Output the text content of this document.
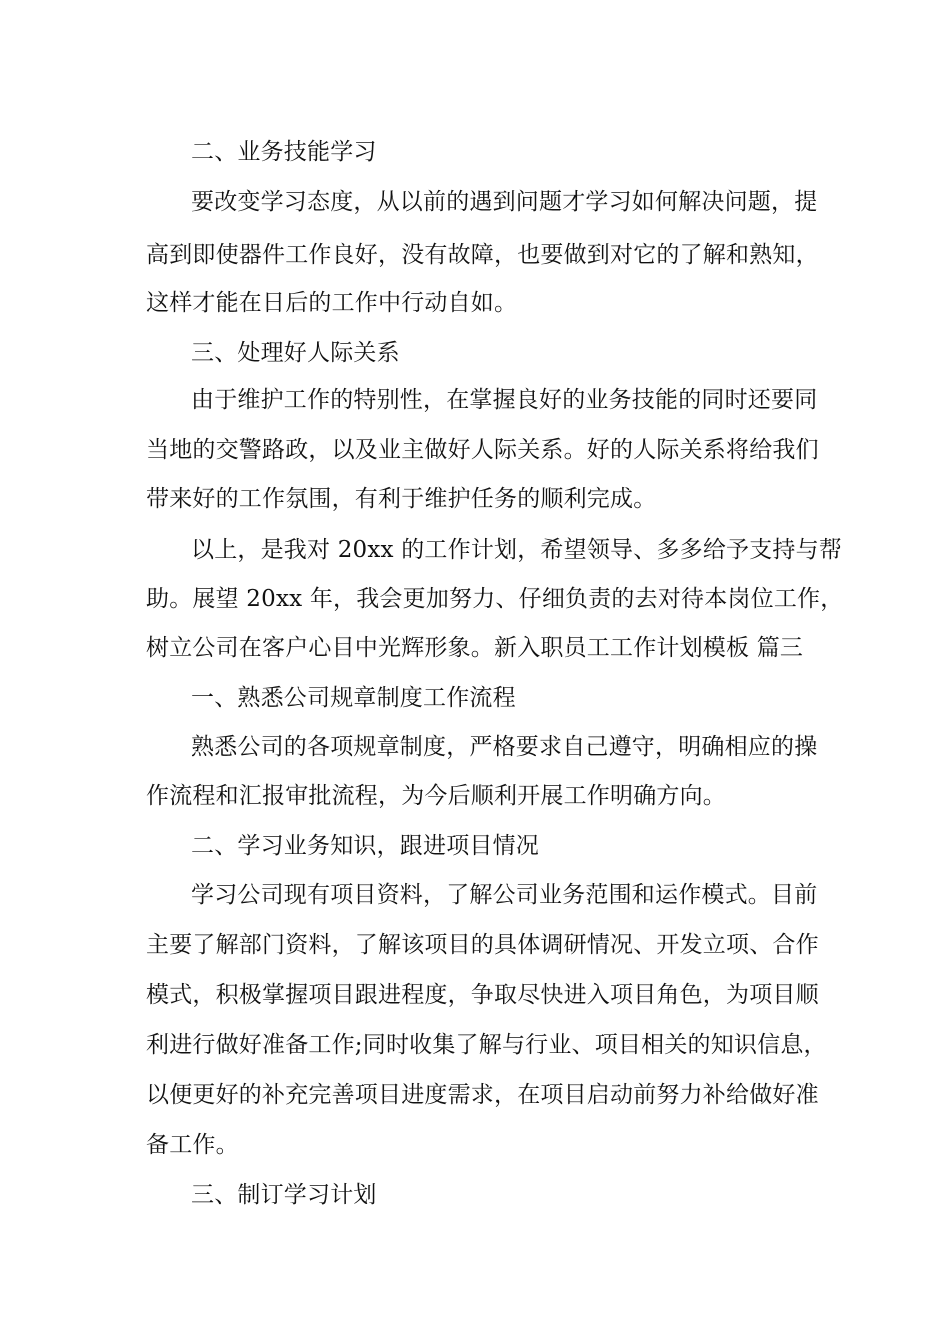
二、业务技能学习
要改变学习态度，从以前的遇到问题才学习如何解决问题，提
高到即使器件工作良好，没有故障，也要做到对它的了解和熟知，
这样才能在日后的工作中行动自如。
三、处理好人际关系
由于维护工作的特别性，在掌握良好的业务技能的同时还要同
当地的交警路政，以及业主做好人际关系。好的人际关系将给我们
带来好的工作氛围，有利于维护任务的顺利完成。
以上，是我对 20xx 的工作计划，希望领导、多多给予支持与帮
助。展望 20xx 年，我会更加努力、仔细负责的去对待本岗位工作，
树立公司在客户心目中光辉形象。新入职员工工作计划模板 篇三
一、熟悉公司规章制度工作流程
熟悉公司的各项规章制度，严格要求自己遵守，明确相应的操
作流程和汇报审批流程，为今后顺利开展工作明确方向。
二、学习业务知识，跟进项目情况
学习公司现有项目资料，了解公司业务范围和运作模式。目前
主要了解部门资料，了解该项目的具体调研情况、开发立项、合作
模式，积极掌握项目跟进程度，争取尽快进入项目角色，为项目顺
利进行做好准备工作;同时收集了解与行业、项目相关的知识信息，
以便更好的补充完善项目进度需求，在项目启动前努力补给做好准
备工作。
三、制订学习计划
